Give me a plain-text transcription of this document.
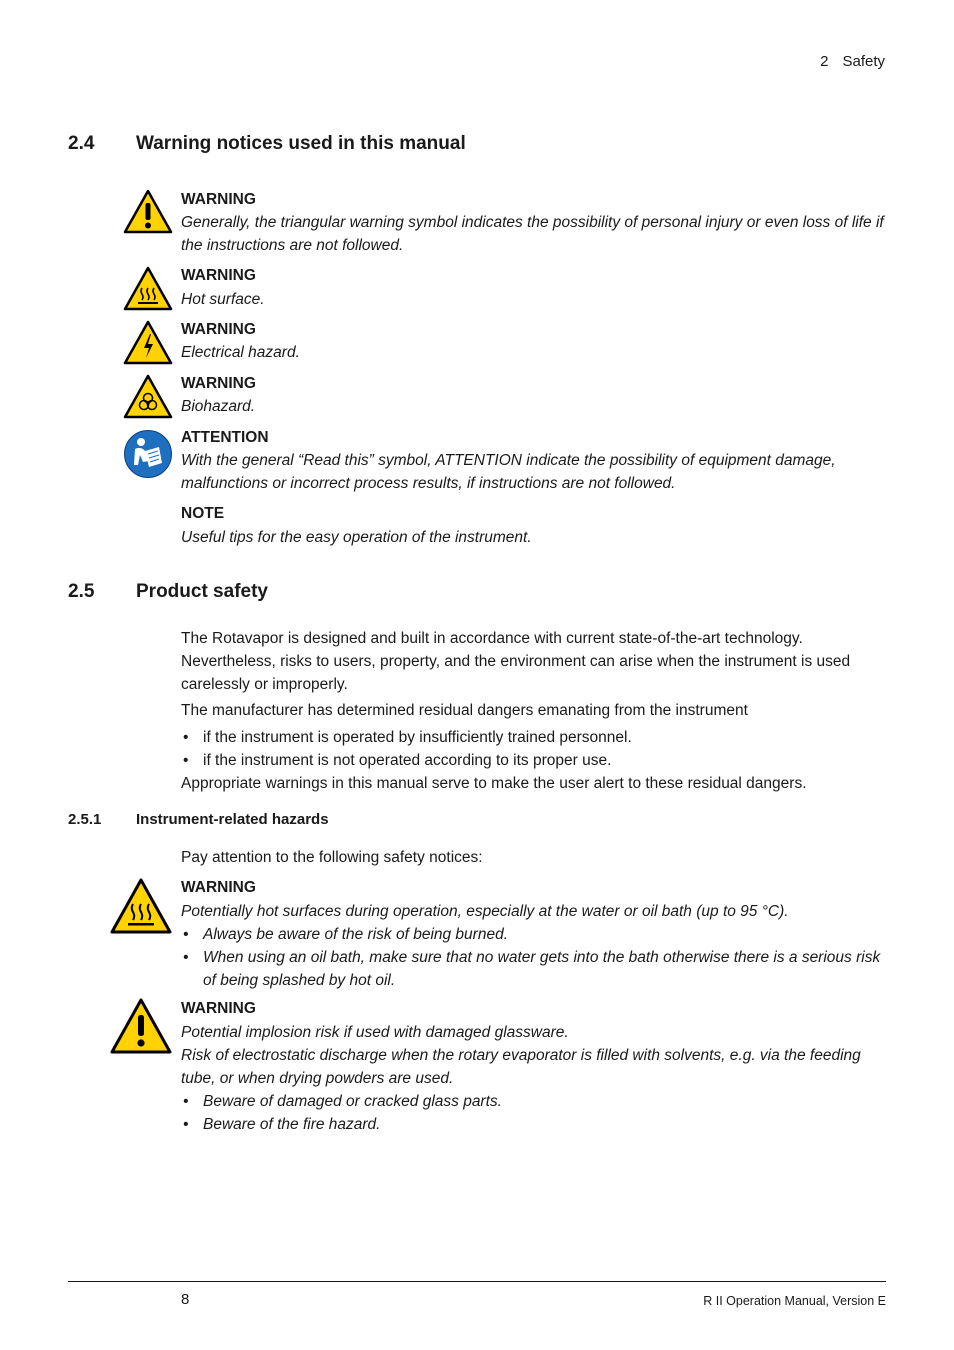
2 Safety
2.4 Warning notices used in this manual
WARNING
Generally, the triangular warning symbol indicates the possibility of personal injury or even loss of life if the instructions are not followed.
WARNING
Hot surface.
WARNING
Electrical hazard.
WARNING
Biohazard.
ATTENTION
With the general “Read this” symbol, ATTENTION indicate the possibility of equipment damage, malfunctions or incorrect process results, if instructions are not followed.
NOTE
Useful tips for the easy operation of the instrument.
2.5 Product safety
The Rotavapor is designed and built in accordance with current state-of-the-art technology. Nevertheless, risks to users, property, and the environment can arise when the instrument is used carelessly or improperly.
The manufacturer has determined residual dangers emanating from the instrument
• if the instrument is operated by insufficiently trained personnel.
• if the instrument is not operated according to its proper use.
Appropriate warnings in this manual serve to make the user alert to these residual dangers.
2.5.1 Instrument-related hazards
Pay attention to the following safety notices:
WARNING
Potentially hot surfaces during operation, especially at the water or oil bath (up to 95 °C).
• Always be aware of the risk of being burned.
• When using an oil bath, make sure that no water gets into the bath otherwise there is a serious risk of being splashed by hot oil.
WARNING
Potential implosion risk if used with damaged glassware.
Risk of electrostatic discharge when the rotary evaporator is filled with solvents, e.g. via the feeding tube, or when drying powders are used.
• Beware of damaged or cracked glass parts.
• Beware of the fire hazard.
8	R II Operation Manual, Version E
